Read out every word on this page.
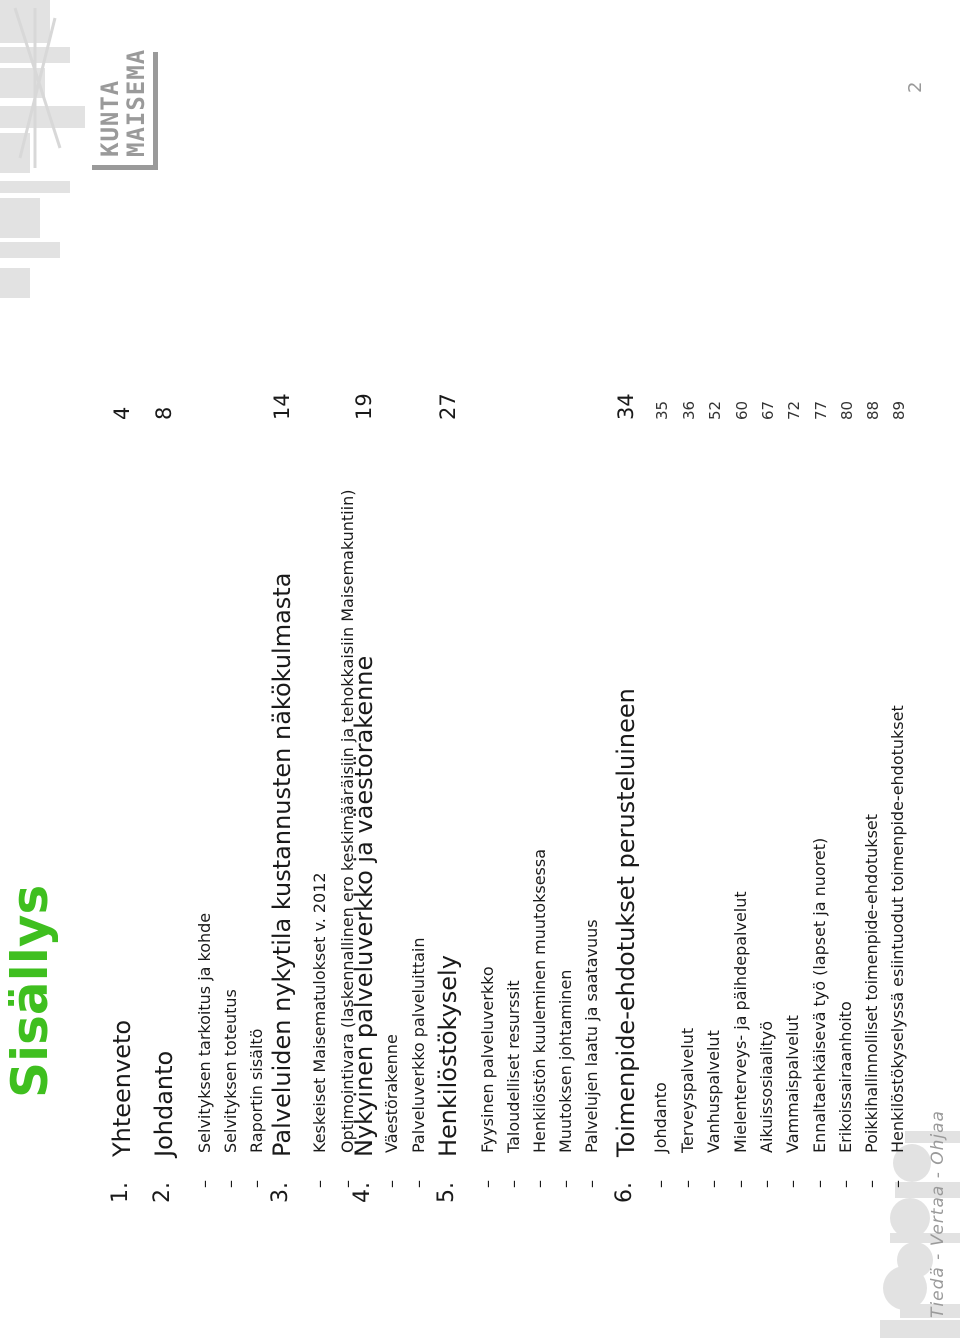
Sisällys
Tiedä - Vertaa - Ohjaa
KUNTA
MAISEMA	2
1.
Yhteenveto
4
2.
Johdanto
8
–
Selvityksen tarkoitus ja kohde
–
Selvityksen toteutus
–
Raportin sisältö
3.
Palveluiden nykytila kustannusten näkökulmasta
14
–
Keskeiset Maisematulokset v. 2012
–
Optimointivara (laskennallinen ero keskimääräisiin ja tehokkaisiin Maisemakuntiin)
4.
Nykyinen palveluverkko ja väestörakenne
19
–
Väestörakenne
–
Palveluverkko palveluittain
5.
Henkilöstökysely
27
–
Fyysinen palveluverkko
–
Taloudelliset resurssit
–
Henkilöstön kuuleminen muutoksessa
–
Muutoksen johtaminen
–
Palvelujen laatu ja saatavuus
6.
Toimenpide-ehdotukset perusteluineen
34
–
Johdanto
35
–
Terveyspalvelut
36
–
Vanhuspalvelut
52
–
Mielenterveys- ja päihdepalvelut
60
–
Aikuissosiaalityö
67
–
Vammaispalvelut
72
–
Ennaltaehkäisevä työ (lapset ja nuoret)
77
–
Erikoissairaanhoito
80
–
Poikkihallinnolliset toimenpide-ehdotukset
88
–
Henkilöstökyselyssä esiintuodut toimenpide-ehdotukset
89
